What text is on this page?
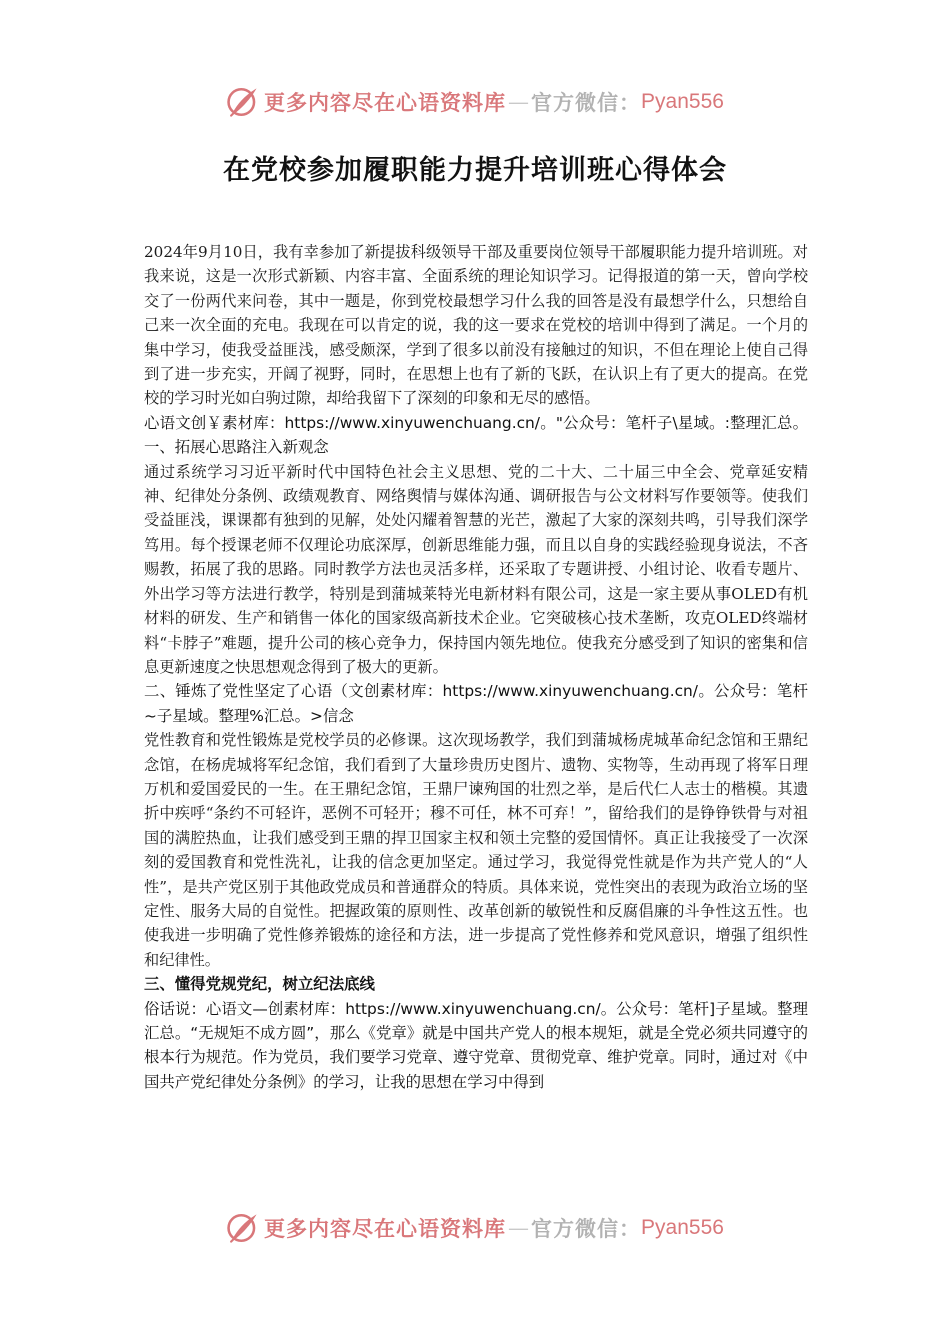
更多内容尽在心语资料库 — 官方微信： Pyan556
在党校参加履职能力提升培训班心得体会

2024年9月10日，我有幸参加了新提拔科级领导干部及重要岗位领导干部履职能力提升培训班。对我来说，这是一次形式新颖、内容丰富、全面系统的理论知识学习。记得报道的第一天，曾向学校交了一份两代来问卷，其中一题是，你到党校最想学习什么我的回答是没有最想学什么，只想给自己来一次全面的充电。我现在可以肯定的说，我的这一要求在党校的培训中得到了满足。一个月的集中学习，使我受益匪浅，感受颇深，学到了很多以前没有接触过的知识，不但在理论上使自己得到了进一步充实，开阔了视野，同时，在思想上也有了新的飞跃，在认识上有了更大的提高。在党校的学习时光如白驹过隙，却给我留下了深刻的印象和无尽的感悟。

心语文创￥素材库：https://www.xinyuwenchuang.cn/。"公众号：笔杆子\星域。:整理汇总。一、拓展心思路注入新观念

通过系统学习习近平新时代中国特色社会主义思想、党的二十大、二十届三中全会、党章延安精神、纪律处分条例、政绩观教育、网络舆情与媒体沟通、调研报告与公文材料写作要领等。使我们受益匪浅，课课都有独到的见解，处处闪耀着智慧的光芒，激起了大家的深刻共鸣，引导我们深学笃用。每个授课老师不仅理论功底深厚，创新思维能力强，而且以自身的实践经验现身说法，不吝赐教，拓展了我的思路。同时教学方法也灵活多样，还采取了专题讲授、小组讨论、收看专题片、外出学习等方法进行教学，特别是到蒲城莱特光电新材料有限公司，这是一家主要从事OLED有机材料的研发、生产和销售一体化的国家级高新技术企业。它突破核心技术垄断，攻克OLED终端材料“卡脖子”难题，提升公司的核心竞争力，保持国内领先地位。使我充分感受到了知识的密集和信息更新速度之快思想观念得到了极大的更新。

二、锤炼了党性坚定了心语（文创素材库：https://www.xinyuwenchuang.cn/。公众号：笔杆~子星域。整理%汇总。>信念

党性教育和党性锻炼是党校学员的必修课。这次现场教学，我们到蒲城杨虎城革命纪念馆和王鼎纪念馆，在杨虎城将军纪念馆，我们看到了大量珍贵历史图片、遗物、实物等，生动再现了将军日理万机和爱国爱民的一生。在王鼎纪念馆，王鼎尸谏殉国的壮烈之举，是后代仁人志士的楷模。其遗折中疾呼“条约不可轻许，恶例不可轻开；穆不可任，林不可弃！”，留给我们的是铮铮铁骨与对祖国的满腔热血，让我们感受到王鼎的捍卫国家主权和领土完整的爱国情怀。真正让我接受了一次深刻的爱国教育和党性洗礼，让我的信念更加坚定。通过学习，我觉得党性就是作为共产党人的“人性”，是共产党区别于其他政党成员和普通群众的特质。具体来说，党性突出的表现为政治立场的坚定性、服务大局的自觉性。把握政策的原则性、改革创新的敏锐性和反腐倡廉的斗争性这五性。也使我进一步明确了党性修养锻炼的途径和方法，进一步提高了党性修养和党风意识，增强了组织性和纪律性。

三、懂得党规党纪，树立纪法底线

俗话说：心语文—创素材库：https://www.xinyuwenchuang.cn/。公众号：笔杆]子星域。整理汇总。“无规矩不成方圆”，那么《党章》就是中国共产党人的根本规矩，就是全党必须共同遵守的根本行为规范。作为党员，我们要学习党章、遵守党章、贯彻党章、维护党章。同时，通过对《中国共产党纪律处分条例》的学习，让我的思想在学习中得到

更多内容尽在心语资料库 — 官方微信： Pyan556
